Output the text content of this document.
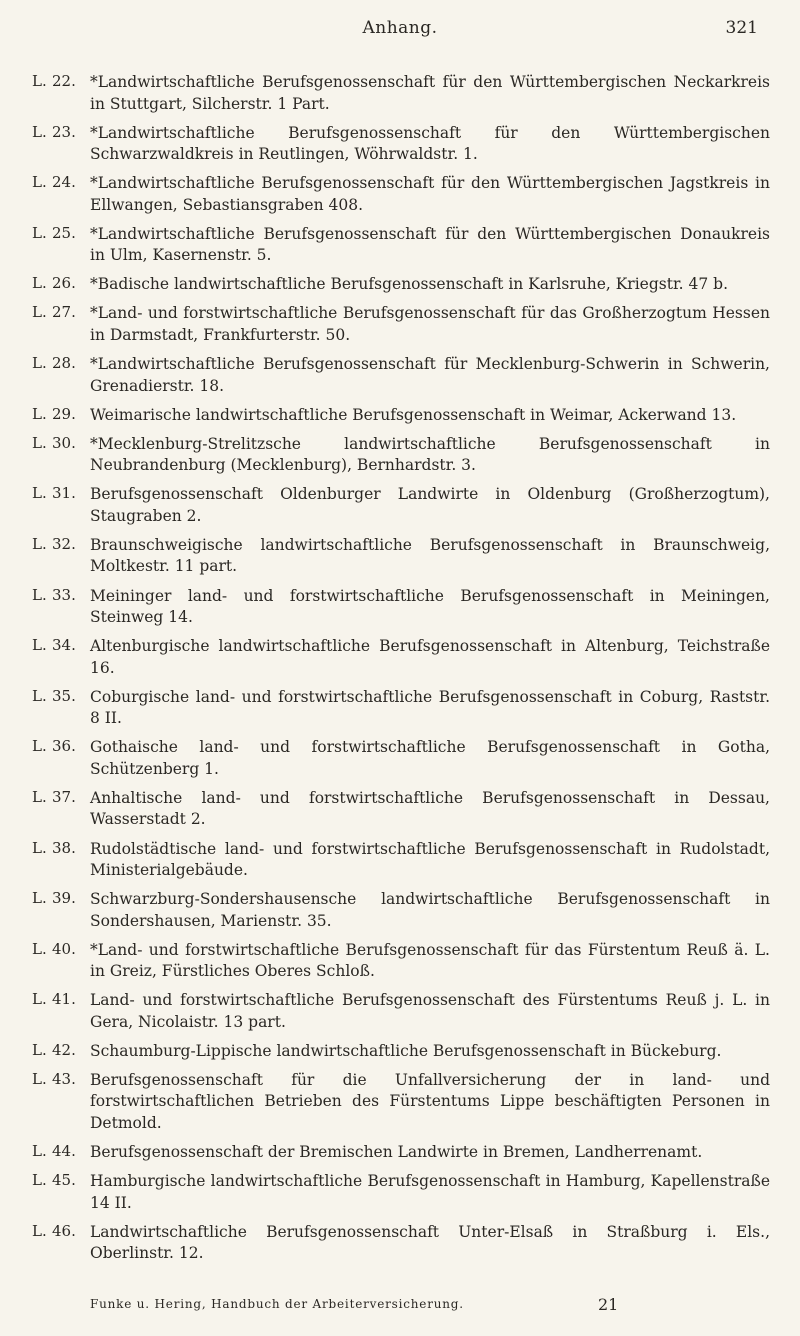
Anhang.	321
L. 22. *Landwirtschaftliche Berufsgenossenschaft für den Württembergischen Neckarkreis in Stuttgart, Silcherstr. 1 Part.
L. 23. *Landwirtschaftliche Berufsgenossenschaft für den Württembergischen Schwarzwaldkreis in Reutlingen, Wöhrwaldstr. 1.
L. 24. *Landwirtschaftliche Berufsgenossenschaft für den Württembergischen Jagstkreis in Ellwangen, Sebastiansgraben 408.
L. 25. *Landwirtschaftliche Berufsgenossenschaft für den Württembergischen Donaukreis in Ulm, Kasernenstr. 5.
L. 26. *Badische landwirtschaftliche Berufsgenossenschaft in Karlsruhe, Kriegstr. 47 b.
L. 27. *Land- und forstwirtschaftliche Berufsgenossenschaft für das Großherzogtum Hessen in Darmstadt, Frankfurterstr. 50.
L. 28. *Landwirtschaftliche Berufsgenossenschaft für Mecklenburg-Schwerin in Schwerin, Grenadierstr. 18.
L. 29. Weimarische landwirtschaftliche Berufsgenossenschaft in Weimar, Ackerwand 13.
L. 30. *Mecklenburg-Strelitzsche landwirtschaftliche Berufsgenossenschaft in Neubrandenburg (Mecklenburg), Bernhardstr. 3.
L. 31. Berufsgenossenschaft Oldenburger Landwirte in Oldenburg (Großherzogtum), Staugraben 2.
L. 32. Braunschweigische landwirtschaftliche Berufsgenossenschaft in Braunschweig, Moltkestr. 11 part.
L. 33. Meininger land- und forstwirtschaftliche Berufsgenossenschaft in Meiningen, Steinweg 14.
L. 34. Altenburgische landwirtschaftliche Berufsgenossenschaft in Altenburg, Teichstraße 16.
L. 35. Coburgische land- und forstwirtschaftliche Berufsgenossenschaft in Coburg, Raststr. 8 II.
L. 36. Gothaische land- und forstwirtschaftliche Berufsgenossenschaft in Gotha, Schützenberg 1.
L. 37. Anhaltische land- und forstwirtschaftliche Berufsgenossenschaft in Dessau, Wasserstadt 2.
L. 38. Rudolstädtische land- und forstwirtschaftliche Berufsgenossenschaft in Rudolstadt, Ministerialgebäude.
L. 39. Schwarzburg-Sondershausensche landwirtschaftliche Berufsgenossenschaft in Sondershausen, Marienstr. 35.
L. 40. *Land- und forstwirtschaftliche Berufsgenossenschaft für das Fürstentum Reuß ä. L. in Greiz, Fürstliches Oberes Schloß.
L. 41. Land- und forstwirtschaftliche Berufsgenossenschaft des Fürstentums Reuß j. L. in Gera, Nicolaistr. 13 part.
L. 42. Schaumburg-Lippische landwirtschaftliche Berufsgenossenschaft in Bückeburg.
L. 43. Berufsgenossenschaft für die Unfallversicherung der in land- und forstwirtschaftlichen Betrieben des Fürstentums Lippe beschäftigten Personen in Detmold.
L. 44. Berufsgenossenschaft der Bremischen Landwirte in Bremen, Landherrenamt.
L. 45. Hamburgische landwirtschaftliche Berufsgenossenschaft in Hamburg, Kapellenstraße 14 II.
L. 46. Landwirtschaftliche Berufsgenossenschaft Unter-Elsaß in Straßburg i. Els., Oberlinstr. 12.
Funke u. Hering, Handbuch der Arbeiterversicherung.	21
